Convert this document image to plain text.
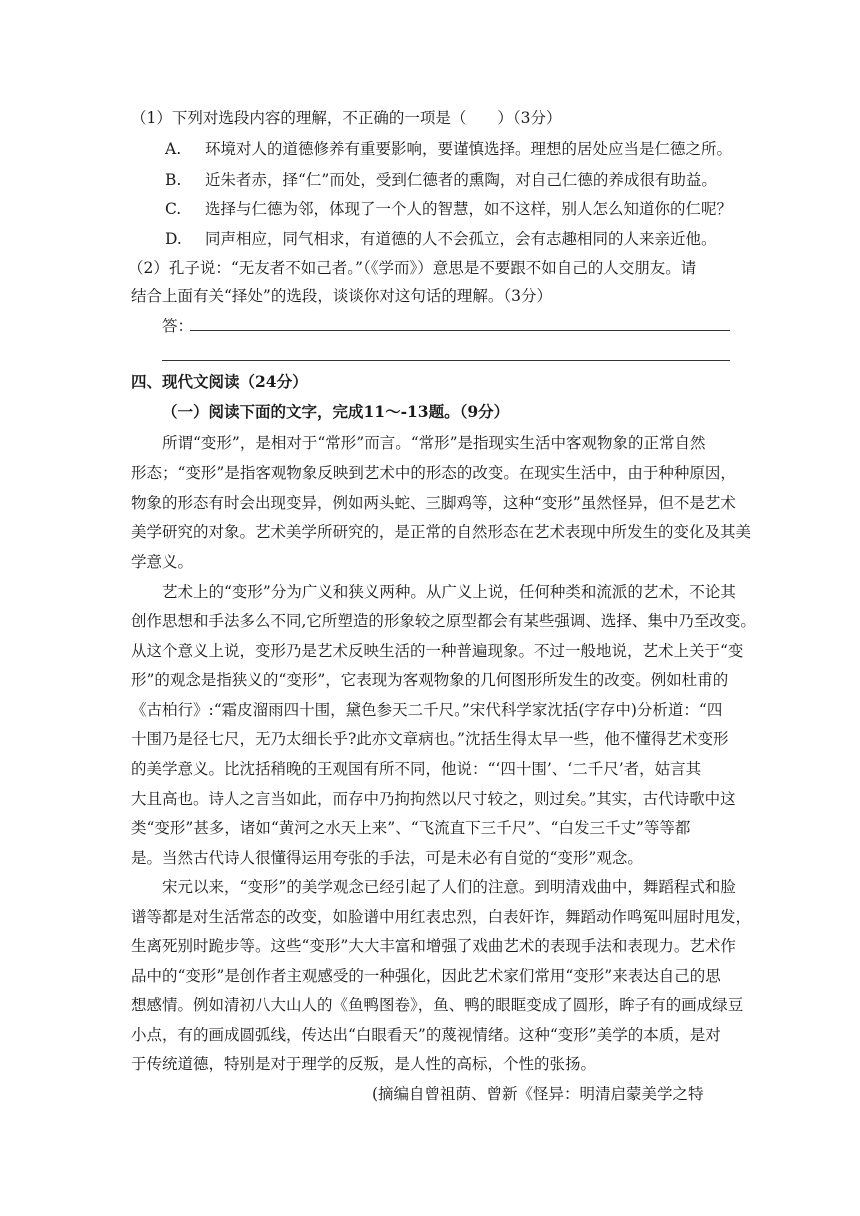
（1）下列对选段内容的理解，不正确的一项是（　　）（3分）
A. 环境对人的道德修养有重要影响，要谨慎选择。理想的居处应当是仁德之所。
B. 近朱者赤，择“仁”而处，受到仁德者的熏陶，对自己仁德的养成很有助益。
C. 选择与仁德为邻，体现了一个人的智慧，如不这样，别人怎么知道你的仁呢？
D. 同声相应，同气相求，有道德的人不会孤立，会有志趣相同的人来亲近他。
（2）孔子说：“无友者不如己者。”（《学而》）意思是不要跟不如自己的人交朋友。请
结合上面有关“择处”的选段，谈谈你对这句话的理解。（3分）
答：
四、现代文阅读（24分）
（一）阅读下面的文字，完成11～-13题。（9分）
所谓“变形”，是相对于“常形”而言。“常形”是指现实生活中客观物象的正常自然
形态；“变形”是指客观物象反映到艺术中的形态的改变。在现实生活中，由于种种原因，
物象的形态有时会出现变异，例如两头蛇、三脚鸡等，这种“变形”虽然怪异，但不是艺术
美学研究的对象。艺术美学所研究的，是正常的自然形态在艺术表现中所发生的变化及其美
学意义。
艺术上的“变形”分为广义和狭义两种。从广义上说，任何种类和流派的艺术，不论其
创作思想和手法多么不同,它所塑造的形象较之原型都会有某些强调、选择、集中乃至改变。
从这个意义上说，变形乃是艺术反映生活的一种普遍现象。不过一般地说，艺术上关于“变
形”的观念是指狭义的“变形”，它表现为客观物象的几何图形所发生的改变。例如杜甫的
《古柏行》:“霜皮溜雨四十围，黛色参天二千尺。”宋代科学家沈括(字存中)分析道：“四
十围乃是径七尺，无乃太细长乎?此亦文章病也。”沈括生得太早一些，他不懂得艺术变形
的美学意义。比沈括稍晚的王观国有所不同，他说：“‘四十围’、‘二千尺’者，姑言其
大且高也。诗人之言当如此，而存中乃拘拘然以尺寸较之，则过矣。”其实，古代诗歌中这
类“变形”甚多，诸如“黄河之水天上来”、“飞流直下三千尺”、“白发三千丈”等等都
是。当然古代诗人很懂得运用夸张的手法，可是未必有自觉的“变形”观念。
宋元以来，“变形”的美学观念已经引起了人们的注意。到明清戏曲中，舞蹈程式和脸
谱等都是对生活常态的改变，如脸谱中用红表忠烈，白表奸诈，舞蹈动作鸣冤叫屈时甩发，
生离死别时跪步等。这些“变形”大大丰富和增强了戏曲艺术的表现手法和表现力。艺术作
品中的“变形”是创作者主观感受的一种强化，因此艺术家们常用“变形”来表达自己的思
想感情。例如清初八大山人的《鱼鸭图卷》，鱼、鸭的眼眶变成了圆形，眸子有的画成绿豆
小点，有的画成圆弧线，传达出“白眼看天”的蔑视情绪。这种“变形”美学的本质，是对
于传统道德，特别是对于理学的反叛，是人性的高标，个性的张扬。
(摘编自曾祖荫、曾新《怪异：明清启蒙美学之特
